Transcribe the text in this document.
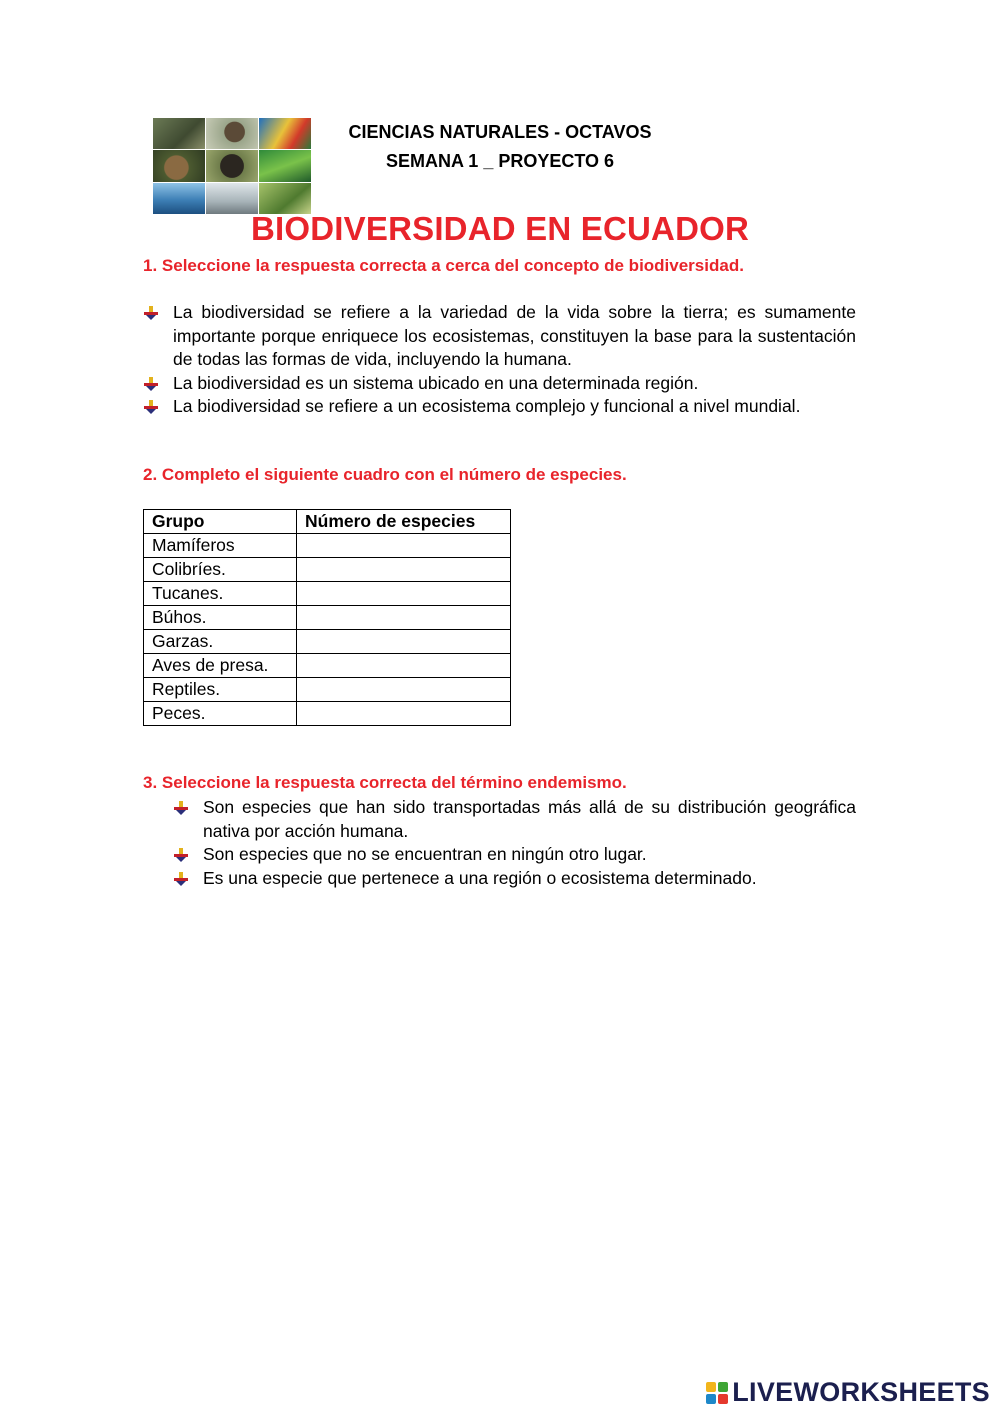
CIENCIAS NATURALES - OCTAVOS
SEMANA 1 _ PROYECTO 6
BIODIVERSIDAD EN ECUADOR
1. Seleccione la respuesta correcta a cerca del concepto de biodiversidad.
La biodiversidad se refiere a la variedad de la vida sobre la tierra; es sumamente importante porque enriquece los ecosistemas, constituyen la base para la sustentación de todas las formas de vida, incluyendo la humana.
La biodiversidad es un sistema ubicado en una determinada región.
La biodiversidad se refiere a un ecosistema complejo y funcional a nivel mundial.
2. Completo el siguiente cuadro con el número de especies.
Grupo	Número de especies
Mamíferos	
Colibríes.	
Tucanes.	
Búhos.	
Garzas.	
Aves de presa.	
Reptiles.	
Peces.	
3. Seleccione la respuesta correcta del término endemismo.
Son especies que han sido transportadas más allá de su distribución geográfica nativa por acción humana.
Son especies que no se encuentran en ningún otro lugar.
Es una especie que pertenece a una región o ecosistema determinado.
LIVEWORKSHEETS
